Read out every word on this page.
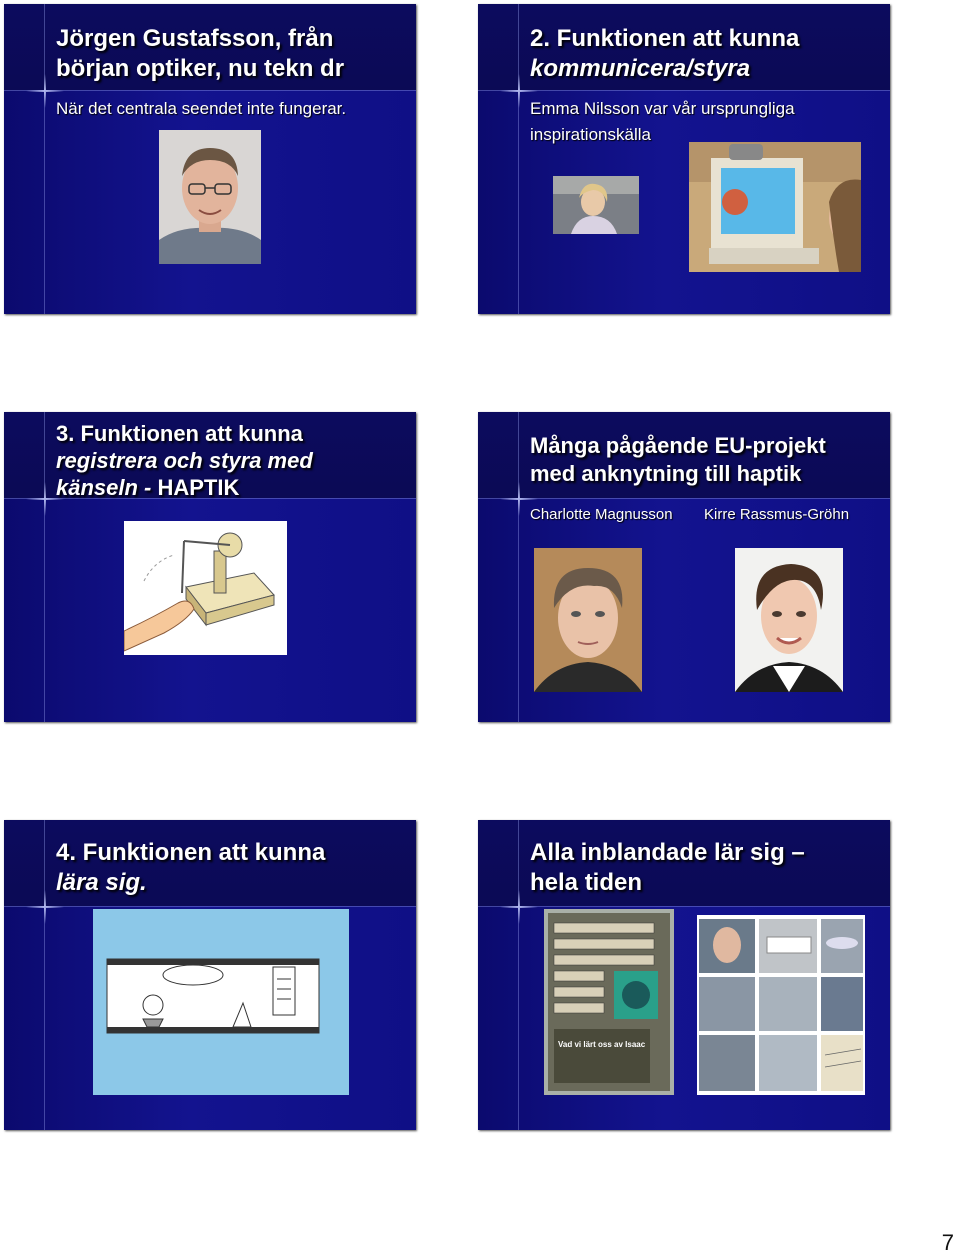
Jörgen Gustafsson, från
början optiker, nu tekn dr

När det centrala seendet inte fungerar.

2. Funktionen att kunna
kommunicera/styra

Emma Nilsson var vår ursprungliga
inspirationskälla

3. Funktionen att kunna
registrera och styra med
känseln - HAPTIK
Många pågående EU-projekt
med anknytning till haptik

Charlotte Magnusson Kirre Rassmus-Gröhn

4. Funktionen att kunna
lära sig.
Alla inblandade lär sig –
hela tiden
Vad vi lärt oss av Isaac
7
